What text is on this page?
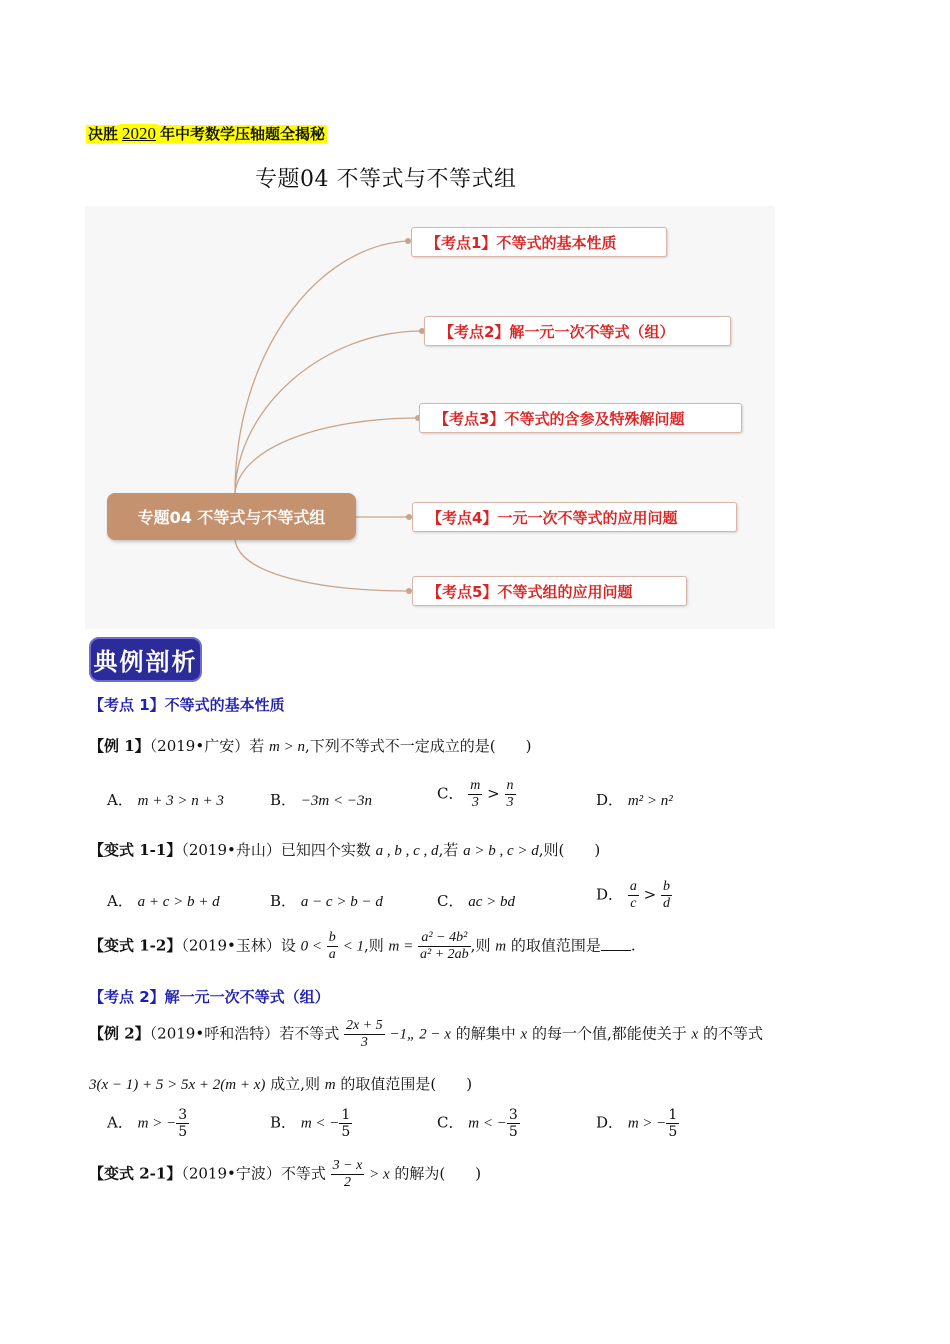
决胜 2020 年中考数学压轴题全揭秘
专题04 不等式与不等式组
专题04 不等式与不等式组
【考点1】不等式的基本性质
【考点2】解一元一次不等式（组）
【考点3】不等式的含参及特殊解问题
【考点4】一元一次不等式的应用问题
【考点5】不等式组的应用问题
典例剖析
【考点 1】不等式的基本性质
【例 1】（2019•广安）若 m > n,下列不等式不一定成立的是(　　)
A． m + 3 > n + 3	B． −3m < −3n	C． $\frac{m}{3} > \frac{n}{3}$	D． m² > n²
【变式 1-1】（2019•舟山）已知四个实数 a , b , c , d,若 a > b , c > d,则(　　)
A． a + c > b + d	B． a − c > b − d	C． ac > bd	D． $\frac{a}{c} > \frac{b}{d}$
【变式 1-2】（2019•玉林）设 $0 < \frac{b}{a} < 1$,则 $m = \frac{\text{a² − 4b²}}{\text{a² + 2ab}}$ ,则 m 的取值范围是 .
【考点 2】解一元一次不等式（组）
【例 2】（2019•呼和浩特）若不等式 $\frac{2x + 5}{3}$ −1„ 2 − x 的解集中 x 的每一个值,都能使关于 x 的不等式
3(x − 1) + 5 > 5x + 2(m + x) 成立,则 m 的取值范围是(　　)
A． m > − $\frac{3}{5}$	B． m < − $\frac{1}{5}$	C． m < − $\frac{3}{5}$	D． m > − $\frac{1}{5}$
【变式 2-1】（2019•宁波）不等式 $\frac{3 - x}{2} > x$ 的解为(　　)
